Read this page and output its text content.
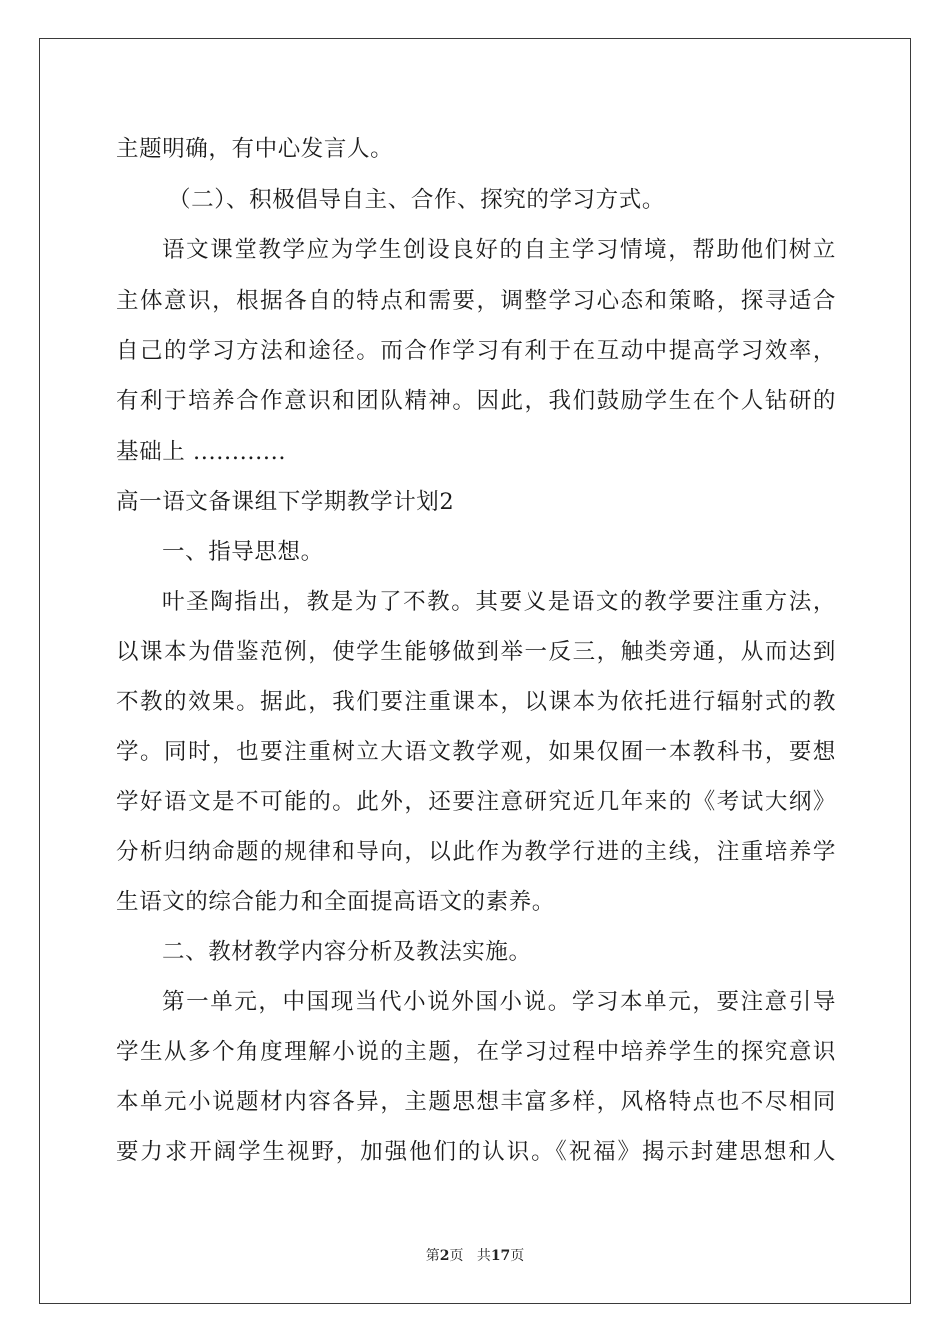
主题明确，有中心发言人。
（二）、积极倡导自主、合作、探究的学习方式。
语文课堂教学应为学生创设良好的自主学习情境，帮助他们树立
主体意识，根据各自的特点和需要，调整学习心态和策略，探寻适合
自己的学习方法和途径。而合作学习有利于在互动中提高学习效率，
有利于培养合作意识和团队精神。因此，我们鼓励学生在个人钻研的
基础上 ............
高一语文备课组下学期教学计划2
一、指导思想。
叶圣陶指出，教是为了不教。其要义是语文的教学要注重方法，
以课本为借鉴范例，使学生能够做到举一反三，触类旁通，从而达到
不教的效果。据此，我们要注重课本，以课本为依托进行辐射式的教
学。同时，也要注重树立大语文教学观，如果仅囿一本教科书，要想
学好语文是不可能的。此外，还要注意研究近几年来的《考试大纲》
分析归纳命题的规律和导向，以此作为教学行进的主线，注重培养学
生语文的综合能力和全面提高语文的素养。
二、教材教学内容分析及教法实施。
第一单元，中国现当代小说外国小说。学习本单元，要注意引导
学生从多个角度理解小说的主题，在学习过程中培养学生的探究意识
本单元小说题材内容各异，主题思想丰富多样，风格特点也不尽相同
要力求开阔学生视野，加强他们的认识。《祝福》揭示封建思想和人
第2页 共17页
